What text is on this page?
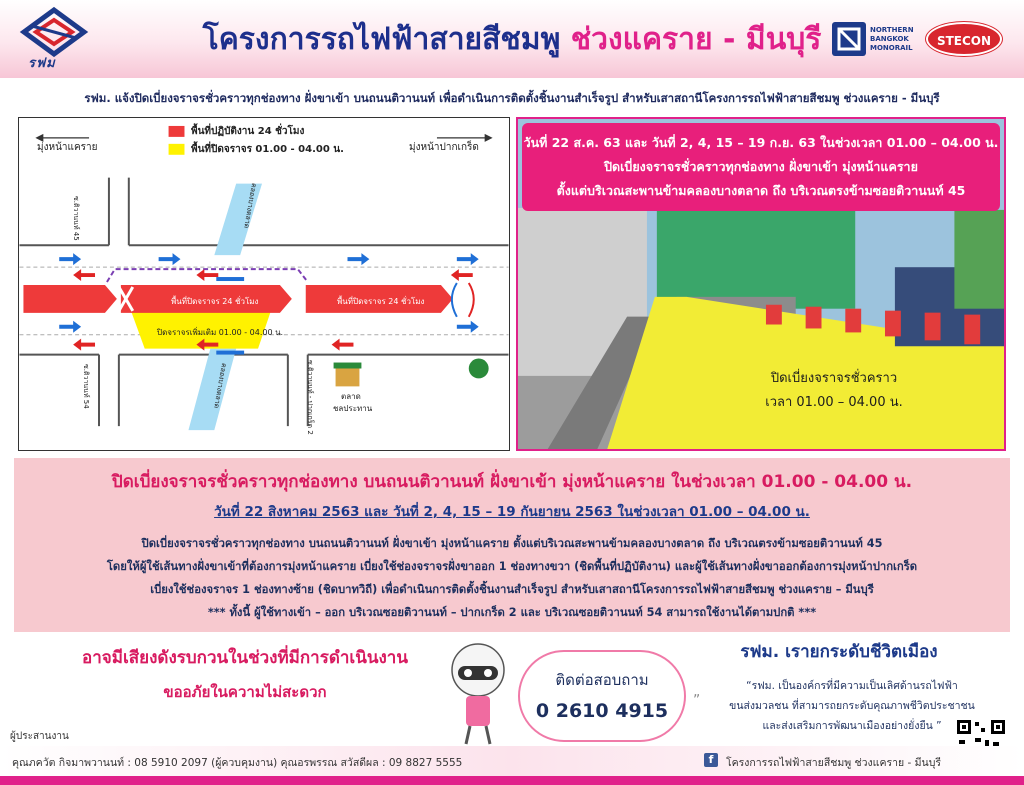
รฟม
โครงการรถไฟฟ้าสายสีชมพู ช่วงแคราย - มีนบุรี	NORTHERN BANGKOK MONORAIL	STECON
รฟม. แจ้งปิดเบี่ยงจราจรชั่วคราวทุกช่องทาง ฝั่งขาเข้า บนถนนติวานนท์ เพื่อดำเนินการติดตั้งชิ้นงานสำเร็จรูป สำหรับเสาสถานีโครงการรถไฟฟ้าสายสีชมพู ช่วงแคราย - มีนบุรี
มุ่งหน้าแคราย	มุ่งหน้าปากเกร็ด
พื้นที่ปฏิบัติงาน 24 ชั่วโมง
พื้นที่ปิดจราจร 01.00 - 04.00 น.
ซ.ติวานนท์ 45
ซ.ติวานนท์ 54	ซ.ติวานนท์ - ปากเกร็ด 2
คลองบางตลาด
คลองบางตลาด
พื้นที่ปิดจราจร 24 ชั่วโมง	พื้นที่ปิดจราจร 24 ชั่วโมง
ปิดจราจรเพิ่มเติม 01.00 - 04.00 น.
ตลาด
ชลประทาน
วันที่ 22 ส.ค. 63 และ วันที่ 2, 4, 15 – 19 ก.ย. 63 ในช่วงเวลา 01.00 – 04.00 น.
ปิดเบี่ยงจราจรชั่วคราวทุกช่องทาง ฝั่งขาเข้า มุ่งหน้าแคราย
ตั้งแต่บริเวณสะพานข้ามคลองบางตลาด ถึง บริเวณตรงข้ามซอยติวานนท์ 45
ปิดเบี่ยงจราจรชั่วคราว
เวลา 01.00 – 04.00 น.
ปิดเบี่ยงจราจรชั่วคราวทุกช่องทาง บนถนนติวานนท์ ฝั่งขาเข้า มุ่งหน้าแคราย ในช่วงเวลา 01.00 - 04.00 น.
วันที่ 22 สิงหาคม 2563 และ วันที่ 2, 4, 15 – 19 กันยายน 2563 ในช่วงเวลา 01.00 – 04.00 น.
ปิดเบี่ยงจราจรชั่วคราวทุกช่องทาง บนถนนติวานนท์ ฝั่งขาเข้า มุ่งหน้าแคราย ตั้งแต่บริเวณสะพานข้ามคลองบางตลาด ถึง บริเวณตรงข้ามซอยติวานนท์ 45
โดยให้ผู้ใช้เส้นทางฝั่งขาเข้าที่ต้องการมุ่งหน้าแคราย เบี่ยงใช้ช่องจราจรฝั่งขาออก 1 ช่องทางขวา (ชิดพื้นที่ปฏิบัติงาน) และผู้ใช้เส้นทางฝั่งขาออกต้องการมุ่งหน้าปากเกร็ด
เบี่ยงใช้ช่องจราจร 1 ช่องทางซ้าย (ชิดบาทวิถี) เพื่อดำเนินการติดตั้งชิ้นงานสำเร็จรูป สำหรับเสาสถานีโครงการรถไฟฟ้าสายสีชมพู ช่วงแคราย – มีนบุรี
*** ทั้งนี้ ผู้ใช้ทางเข้า – ออก บริเวณซอยติวานนท์ – ปากเกร็ด 2 และ บริเวณซอยติวานนท์ 54 สามารถใช้งานได้ตามปกติ ***
อาจมีเสียงดังรบกวนในช่วงที่มีการดำเนินงาน
ขออภัยในความไม่สะดวก
ติดต่อสอบถาม
0 2610 4915
รฟม. เรายกระดับชีวิตเมือง
„	“รฟม. เป็นองค์กรที่มีความเป็นเลิศด้านรถไฟฟ้า
ขนส่งมวลชน ที่สามารถยกระดับคุณภาพชีวิตประชาชน
และส่งเสริมการพัฒนาเมืองอย่างยั่งยืน ”
ผู้ประสานงาน
คุณภควัต กิจมาพวานนท์ : 08 5910 2097 (ผู้ควบคุมงาน) คุณอรพรรณ สวัสดีผล : 09 8827 5555	f	โครงการรถไฟฟ้าสายสีชมพู ช่วงแคราย - มีนบุรี
